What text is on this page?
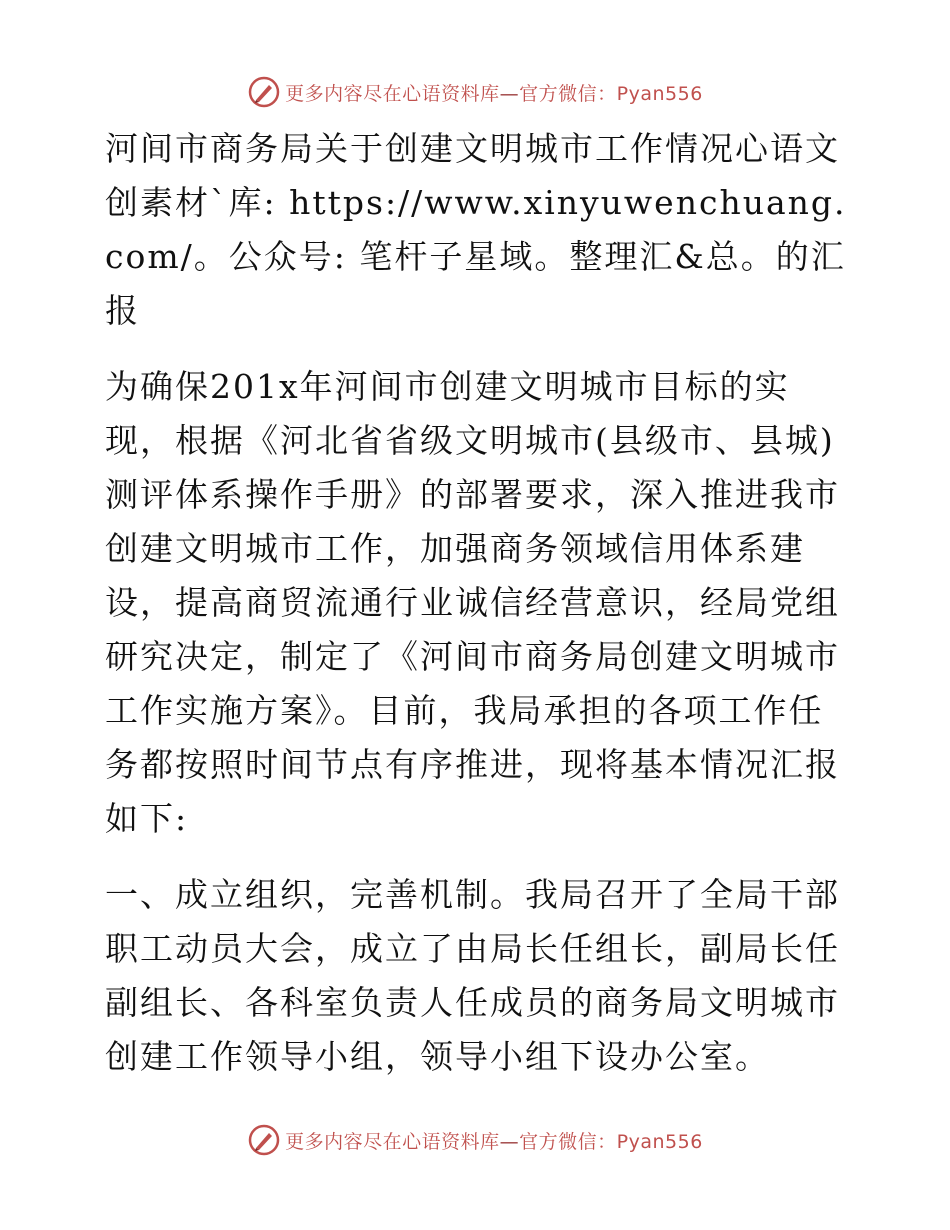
更多内容尽在心语资料库—官方微信：Pyan556

河间市商务局关于创建文明城市工作情况心语文创素材`库: https://www.xinyuwenchuang.com/。公众号: 笔杆子星域。整理汇&总。的汇报

为确保201x年河间市创建文明城市目标的实现，根据《河北省省级文明城市(县级市、县城)测评体系操作手册》的部署要求，深入推进我市创建文明城市工作，加强商务领域信用体系建设，提高商贸流通行业诚信经营意识，经局党组研究决定，制定了《河间市商务局创建文明城市工作实施方案》。目前，我局承担的各项工作任务都按照时间节点有序推进，现将基本情况汇报如下:

一、成立组织，完善机制。我局召开了全局干部职工动员大会，成立了由局长任组长，副局长任副组长、各科室负责人任成员的商务局文明城市创建工作领导小组，领导小组下设办公室。

更多内容尽在心语资料库—官方微信：Pyan556
